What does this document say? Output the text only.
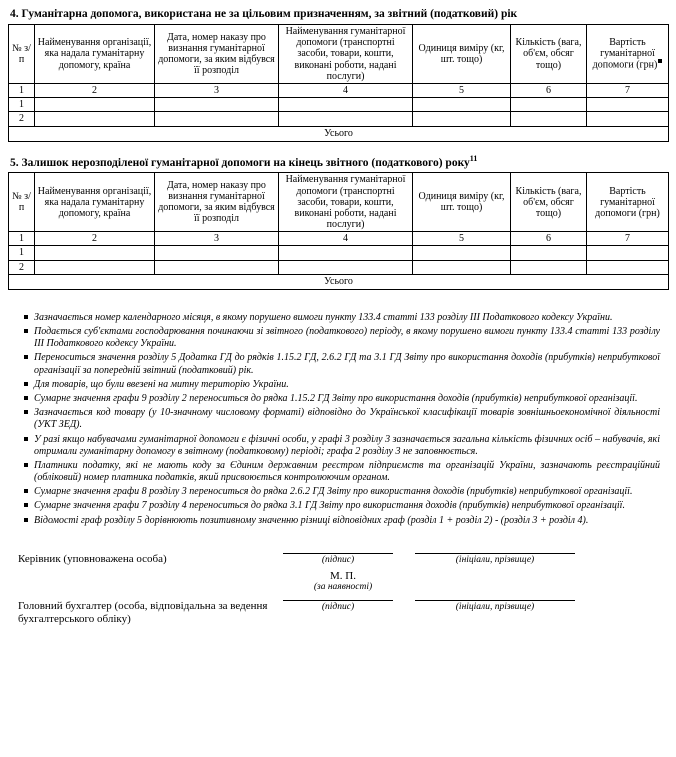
4. Гуманітарна допомога, використана не за цільовим призначенням, за звітний (податковий) рік
№ з/п	Найменування організації, яка надала гуманітарну допомогу, країна	Дата, номер наказу про визнання гуманітарної допомоги, за яким відбувся її розподіл	Найменування гуманітарної допомоги (транспортні засоби, товари, кошти, виконані роботи, надані послуги)	Одиниця виміру (кг, шт. тощо)	Кількість (вага, об'єм, обсяг тощо)	Вартість гуманітарної допомоги (грн)
1	2	3	4	5	6	7
1						
2						
Усього						
5. Залишок нерозподіленої гуманітарної допомоги на кінець звітного (податкового) року$^{11}$
№ з/п	Найменування організації, яка надала гуманітарну допомогу, країна	Дата, номер наказу про визнання гуманітарної допомоги, за яким відбувся її розподіл	Найменування гуманітарної допомоги (транспортні засоби, товари, кошти, виконані роботи, надані послуги)	Одиниця виміру (кг, шт. тощо)	Кількість (вага, об'єм, обсяг тощо)	Вартість гуманітарної допомоги (грн)
1	2	3	4	5	6	7
1						
2						
Усього						
Зазначається номер календарного місяця, в якому порушено вимоги пункту 133.4 статті 133 розділу III Податкового кодексу України.
Подається суб'єктами господарювання починаючи зі звітного (податкового) періоду, в якому порушено вимоги пункту 133.4 статті 133 розділу III Податкового кодексу України.
Переноситься значення розділу 5 Додатка ГД до рядків 1.15.2 ГД, 2.6.2 ГД та 3.1 ГД Звіту про використання доходів (прибутків) неприбуткової організації за попередній звітний (податковий) рік.
Для товарів, що були ввезені на митну територію України.
Сумарне значення графи 9 розділу 2 переноситься до рядка 1.15.2 ГД Звіту про використання доходів (прибутків) неприбуткової організації.
Зазначається код товару (у 10-значному числовому форматі) відповідно до Української класифікації товарів зовнішньоекономічної діяльності (УКТ ЗЕД).
У разі якщо набувачами гуманітарної допомоги є фізичні особи, у графі 3 розділу 3 зазначається загальна кількість фізичних осіб – набувачів, які отримали гуманітарну допомогу в звітному (податковому) періоді; графа 2 розділу 3 не заповнюється.
Платники податку, які не мають коду за Єдиним державним реєстром підприємств та організацій України, зазначають реєстраційний (обліковий) номер платника податків, який присвоюється контролюючим органом.
Сумарне значення графи 8 розділу 3 переноситься до рядка 2.6.2 ГД Звіту про використання доходів (прибутків) неприбуткової організації.
Сумарне значення графи 7 розділу 4 переноситься до рядка 3.1 ГД Звіту про використання доходів (прибутків) неприбуткової організації.
Відомості граф розділу 5 дорівнюють позитивному значенню різниці відповідних граф (розділ 1 + розділ 2) - (розділ 3 + розділ 4).
Керівник (уповноважена особа)	(підпис)	(ініціали, прізвище)
М. П.
(за наявності)
Головний бухгалтер (особа, відповідальна за ведення бухгалтерського обліку)
(підпис)	(ініціали, прізвище)
